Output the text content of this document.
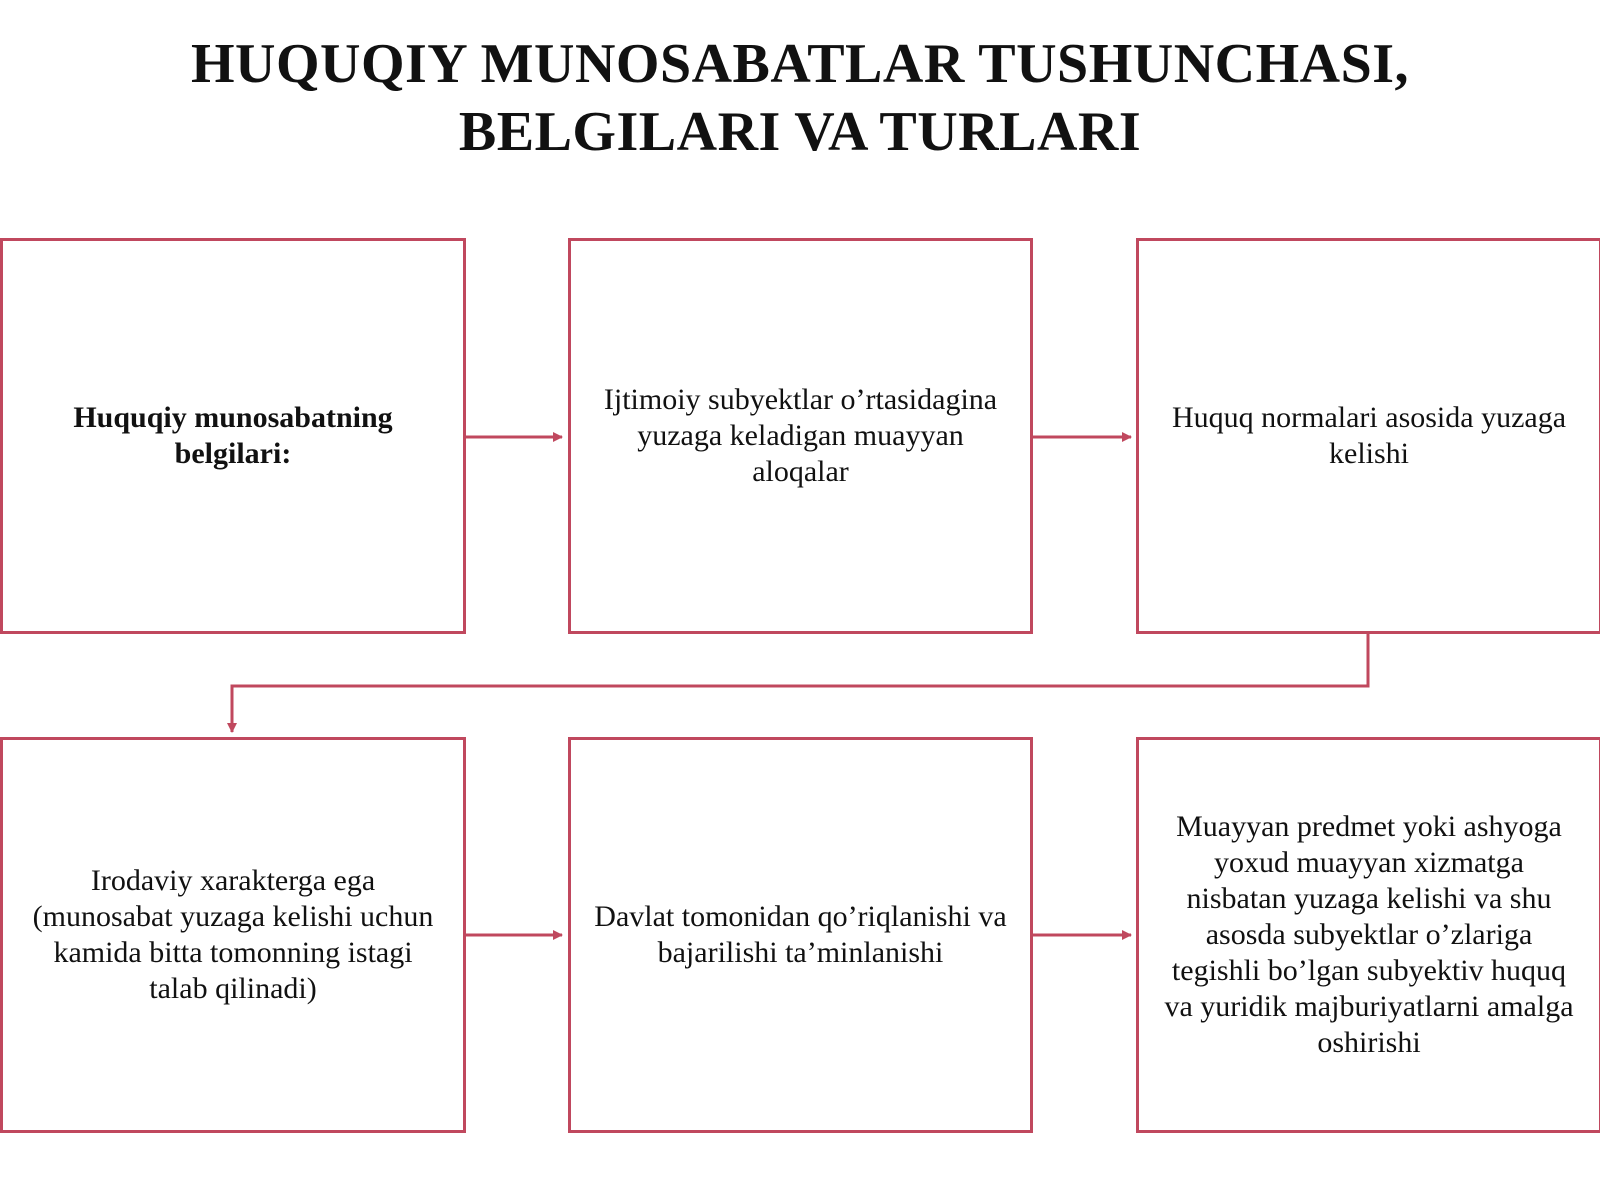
HUQUQIY MUNOSABATLAR TUSHUNCHASI,
BELGILARI VA TURLARI
Huquqiy munosabatning belgilari:
Ijtimoiy subyektlar o’rtasidagina yuzaga keladigan muayyan aloqalar
Huquq normalari asosida yuzaga kelishi
Irodaviy xarakterga ega (munosabat yuzaga kelishi uchun kamida bitta tomonning istagi talab qilinadi)
Davlat tomonidan qo’riqlanishi va bajarilishi ta’minlanishi
Muayyan predmet yoki ashyoga yoxud muayyan xizmatga nisbatan yuzaga kelishi va shu asosda subyektlar o’zlariga tegishli bo’lgan subyektiv huquq va yuridik majburiyatlarni amalga oshirishi
